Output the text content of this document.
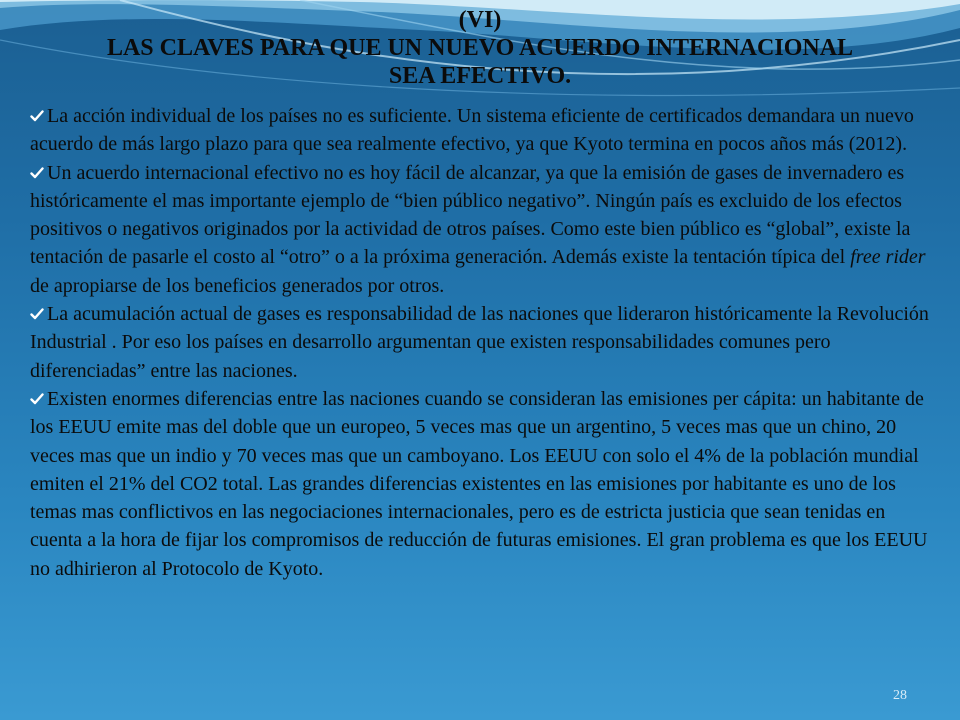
(VI)
LAS CLAVES PARA QUE UN NUEVO ACUERDO INTERNACIONAL
SEA EFECTIVO.
La acción individual de los países no es suficiente. Un sistema eficiente de certificados demandara un nuevo acuerdo de más largo plazo para que sea realmente efectivo, ya que Kyoto termina en pocos años más (2012).
Un acuerdo internacional efectivo no es hoy fácil de alcanzar, ya que la emisión de gases de invernadero es históricamente el mas importante ejemplo de “bien público negativo”. Ningún país es excluido de los efectos positivos o negativos originados por la actividad de otros países. Como este bien público es “global”, existe la tentación de pasarle el costo al “otro” o a la próxima generación. Además existe la tentación típica del free rider de apropiarse de los beneficios generados por otros.
La acumulación actual de gases es responsabilidad de las naciones que lideraron históricamente la Revolución Industrial . Por eso los países en desarrollo argumentan que existen responsabilidades comunes pero diferenciadas” entre las naciones.
Existen enormes diferencias entre las naciones cuando se consideran las emisiones per cápita: un habitante de los EEUU emite mas del doble que un europeo, 5 veces mas que un argentino, 5 veces mas que un chino, 20 veces mas que un indio y 70 veces mas que un camboyano. Los EEUU con solo el 4% de la población mundial emiten el 21% del CO2 total. Las grandes diferencias existentes en las emisiones por habitante es uno de los temas mas conflictivos en las negociaciones internacionales, pero es de estricta justicia que sean tenidas en cuenta a la hora de fijar los compromisos de reducción de futuras emisiones. El gran problema es que los EEUU no adhirieron al Protocolo de Kyoto.
28
